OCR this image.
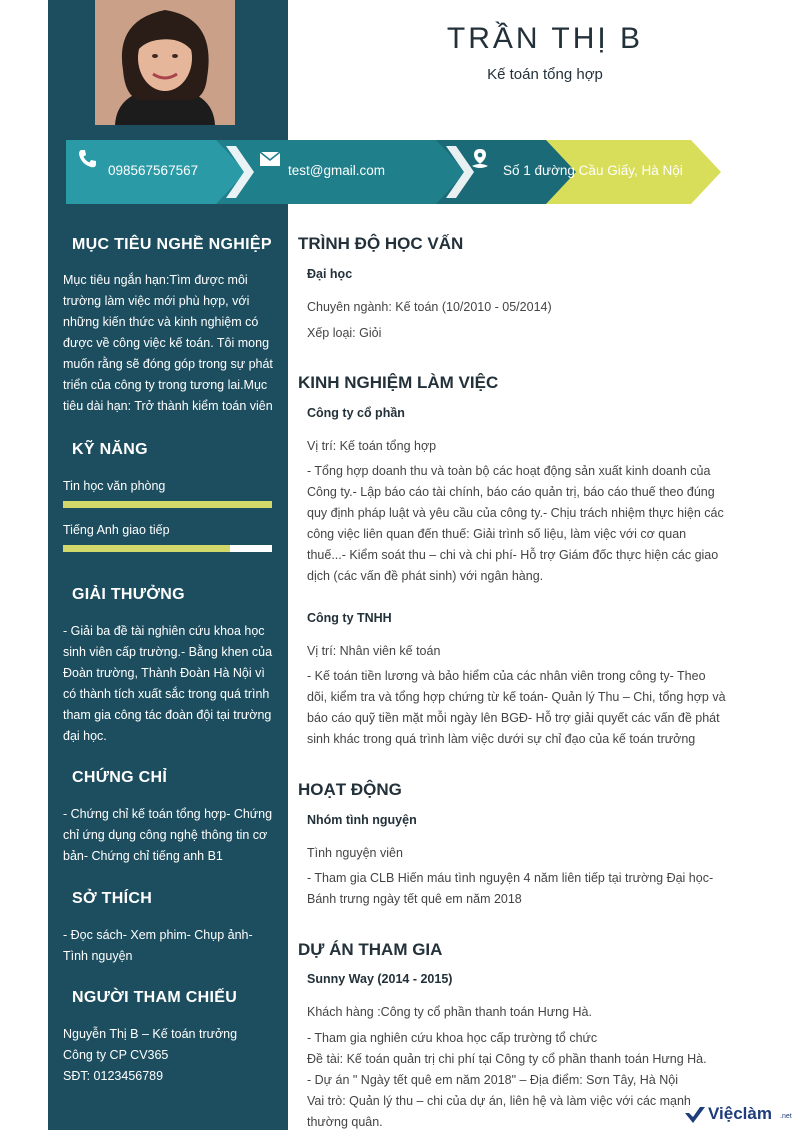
TRẦN THỊ B
Kế toán tổng hợp
098567567567	test@gmail.com	Số 1 đường Cầu Giấy, Hà Nội
MỤC TIÊU NGHỀ NGHIỆP
Mục tiêu ngắn hạn:Tìm được môi trường làm việc mới phù hợp, với những kiến thức và kinh nghiệm có được về công việc kế toán. Tôi mong muốn rằng sẽ đóng góp trong sự phát triển của công ty trong tương lai.Mục tiêu dài hạn: Trở thành kiểm toán viên
KỸ NĂNG
Tin học văn phòng
Tiếng Anh giao tiếp
GIẢI THƯỞNG
- Giải ba đề tài nghiên cứu khoa học sinh viên cấp trường.- Bằng khen của Đoàn trường, Thành Đoàn Hà Nội vì có thành tích xuất sắc trong quá trình tham gia công tác đoàn đội tại trường đại học.
CHỨNG CHỈ
- Chứng chỉ kế toán tổng hợp- Chứng chỉ ứng dụng công nghệ thông tin cơ bản- Chứng chỉ tiếng anh B1
SỞ THÍCH
- Đọc sách- Xem phim- Chụp ảnh- Tình nguyện
NGƯỜI THAM CHIẾU
Nguyễn Thị B – Kế toán trưởng
Công ty CP CV365
SĐT: 0123456789
TRÌNH ĐỘ HỌC VẤN
Đại học
Chuyên ngành: Kế toán (10/2010 - 05/2014)
Xếp loại: Giỏi
KINH NGHIỆM LÀM VIỆC
Công ty cổ phần
Vị trí: Kế toán tổng hợp
- Tổng hợp doanh thu và toàn bộ các hoạt động sản xuất kinh doanh của Công ty.- Lập báo cáo tài chính, báo cáo quản trị, báo cáo thuế theo đúng quy định pháp luật và yêu cầu của công ty.- Chịu trách nhiệm thực hiện các công việc liên quan đến thuế: Giải trình số liệu, làm việc với cơ quan thuế...- Kiểm soát thu – chi và chi phí- Hỗ trợ Giám đốc thực hiện các giao dịch (các vấn đề phát sinh) với ngân hàng.
Công ty TNHH
Vị trí: Nhân viên kế toán
- Kế toán tiền lương và bảo hiểm của các nhân viên trong công ty- Theo dõi, kiểm tra và tổng hợp chứng từ kế toán- Quản lý Thu – Chi, tổng hợp và báo cáo quỹ tiền mặt mỗi ngày lên BGĐ- Hỗ trợ giải quyết các vấn đề phát sinh khác trong quá trình làm việc dưới sự chỉ đạo của kế toán trưởng
HOẠT ĐỘNG
Nhóm tình nguyện
Tình nguyện viên
- Tham gia CLB Hiến máu tình nguyện 4 năm liên tiếp tại trường Đại học- Bánh trưng ngày tết quê em năm 2018
DỰ ÁN THAM GIA
Sunny Way (2014 - 2015)
Khách hàng :Công ty cổ phần thanh toán Hưng Hà.
- Tham gia nghiên cứu khoa học cấp trường tổ chức
Đề tài: Kế toán quản trị chi phí tại Công ty cổ phần thanh toán Hưng Hà.
- Dự án " Ngày tết quê em năm 2018" – Địa điểm: Sơn Tây, Hà Nội
Vai trò: Quản lý thu – chi của dự án, liên hệ và làm việc với các mạnh thường quân.	Việclàm .net
